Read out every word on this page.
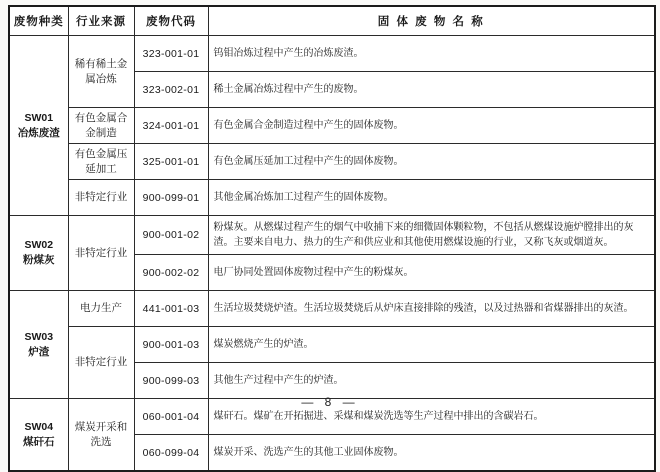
废物种类	行业来源	废物代码	固 体 废 物 名 称

SW01
冶炼废渣	稀有稀土金属冶炼	323-001-01	钨钼冶炼过程中产生的冶炼废渣。
		323-002-01	稀土金属冶炼过程中产生的废物。
	有色金属合金制造	324-001-01	有色金属合金制造过程中产生的固体废物。
	有色金属压延加工	325-001-01	有色金属压延加工过程中产生的固体废物。
	非特定行业	900-099-01	其他金属冶炼加工过程产生的固体废物。

SW02
粉煤灰	非特定行业	900-001-02	粉煤灰。从燃煤过程产生的烟气中收捕下来的细微固体颗粒物，不包括从燃煤设施炉膛排出的灰渣。主要来自电力、热力的生产和供应业和其他使用燃煤设施的行业，又称飞灰或烟道灰。
		900-002-02	电厂协同处置固体废物过程中产生的粉煤灰。

SW03
炉渣	电力生产	441-001-03	生活垃圾焚烧炉渣。生活垃圾焚烧后从炉床直接排除的残渣，以及过热器和省煤器排出的灰渣。
	非特定行业	900-001-03	煤炭燃烧产生的炉渣。
		900-099-03	其他生产过程中产生的炉渣。

SW04
煤矸石	煤炭开采和洗选	060-001-04	煤矸石。煤矿在开拓掘进、采煤和煤炭洗选等生产过程中排出的含碳岩石。
		060-099-04	煤炭开采、洗选产生的其他工业固体废物。
— 8 —
